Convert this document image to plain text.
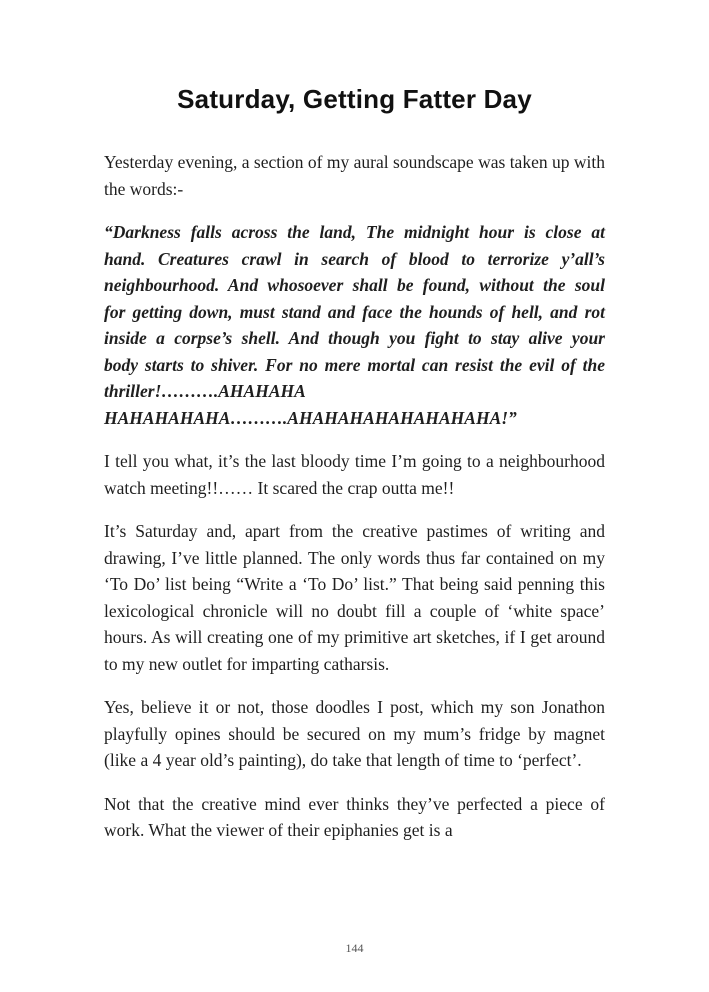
Saturday, Getting Fatter Day

Yesterday evening, a section of my aural soundscape was taken up with the words:-

“Darkness falls across the land, The midnight hour is close at hand. Creatures crawl in search of blood to terrorize y’all’s neighbourhood. And whosoever shall be found, without the soul for getting down, must stand and face the hounds of hell, and rot inside a corpse’s shell. And though you fight to stay alive your body starts to shiver. For no mere mortal can resist the evil of the thriller!……….AHAHAHA HAHAHAHAHA……….AHAHAHAHAHAHAHAHA!”

I tell you what, it’s the last bloody time I’m going to a neighbourhood watch meeting!!…… It scared the crap outta me!!

It’s Saturday and, apart from the creative pastimes of writing and drawing, I’ve little planned. The only words thus far contained on my ‘To Do’ list being “Write a ‘To Do’ list.” That being said penning this lexicological chronicle will no doubt fill a couple of ‘white space’ hours. As will creating one of my primitive art sketches, if I get around to my new outlet for imparting catharsis.

Yes, believe it or not, those doodles I post, which my son Jonathon playfully opines should be secured on my mum’s fridge by magnet (like a 4 year old’s painting), do take that length of time to ‘perfect’.

Not that the creative mind ever thinks they’ve perfected a piece of work. What the viewer of their epiphanies get is a

144
